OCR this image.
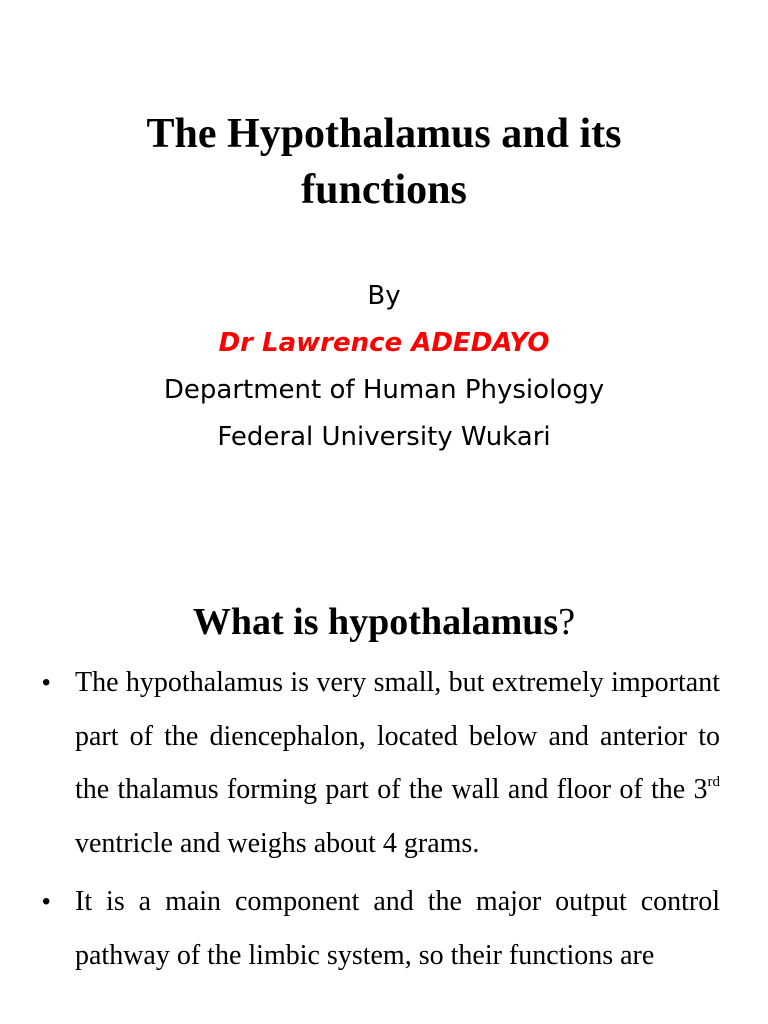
The Hypothalamus and its
functions

By

Dr Lawrence ADEDAYO

Department of Human Physiology

Federal University Wukari

What is hypothalamus?
• The hypothalamus is very small, but extremely important part of the diencephalon, located below and anterior to the thalamus forming part of the wall and floor of the 3rd ventricle and weighs about 4 grams.
• It is a main component and the major output control pathway of the limbic system, so their functions are
